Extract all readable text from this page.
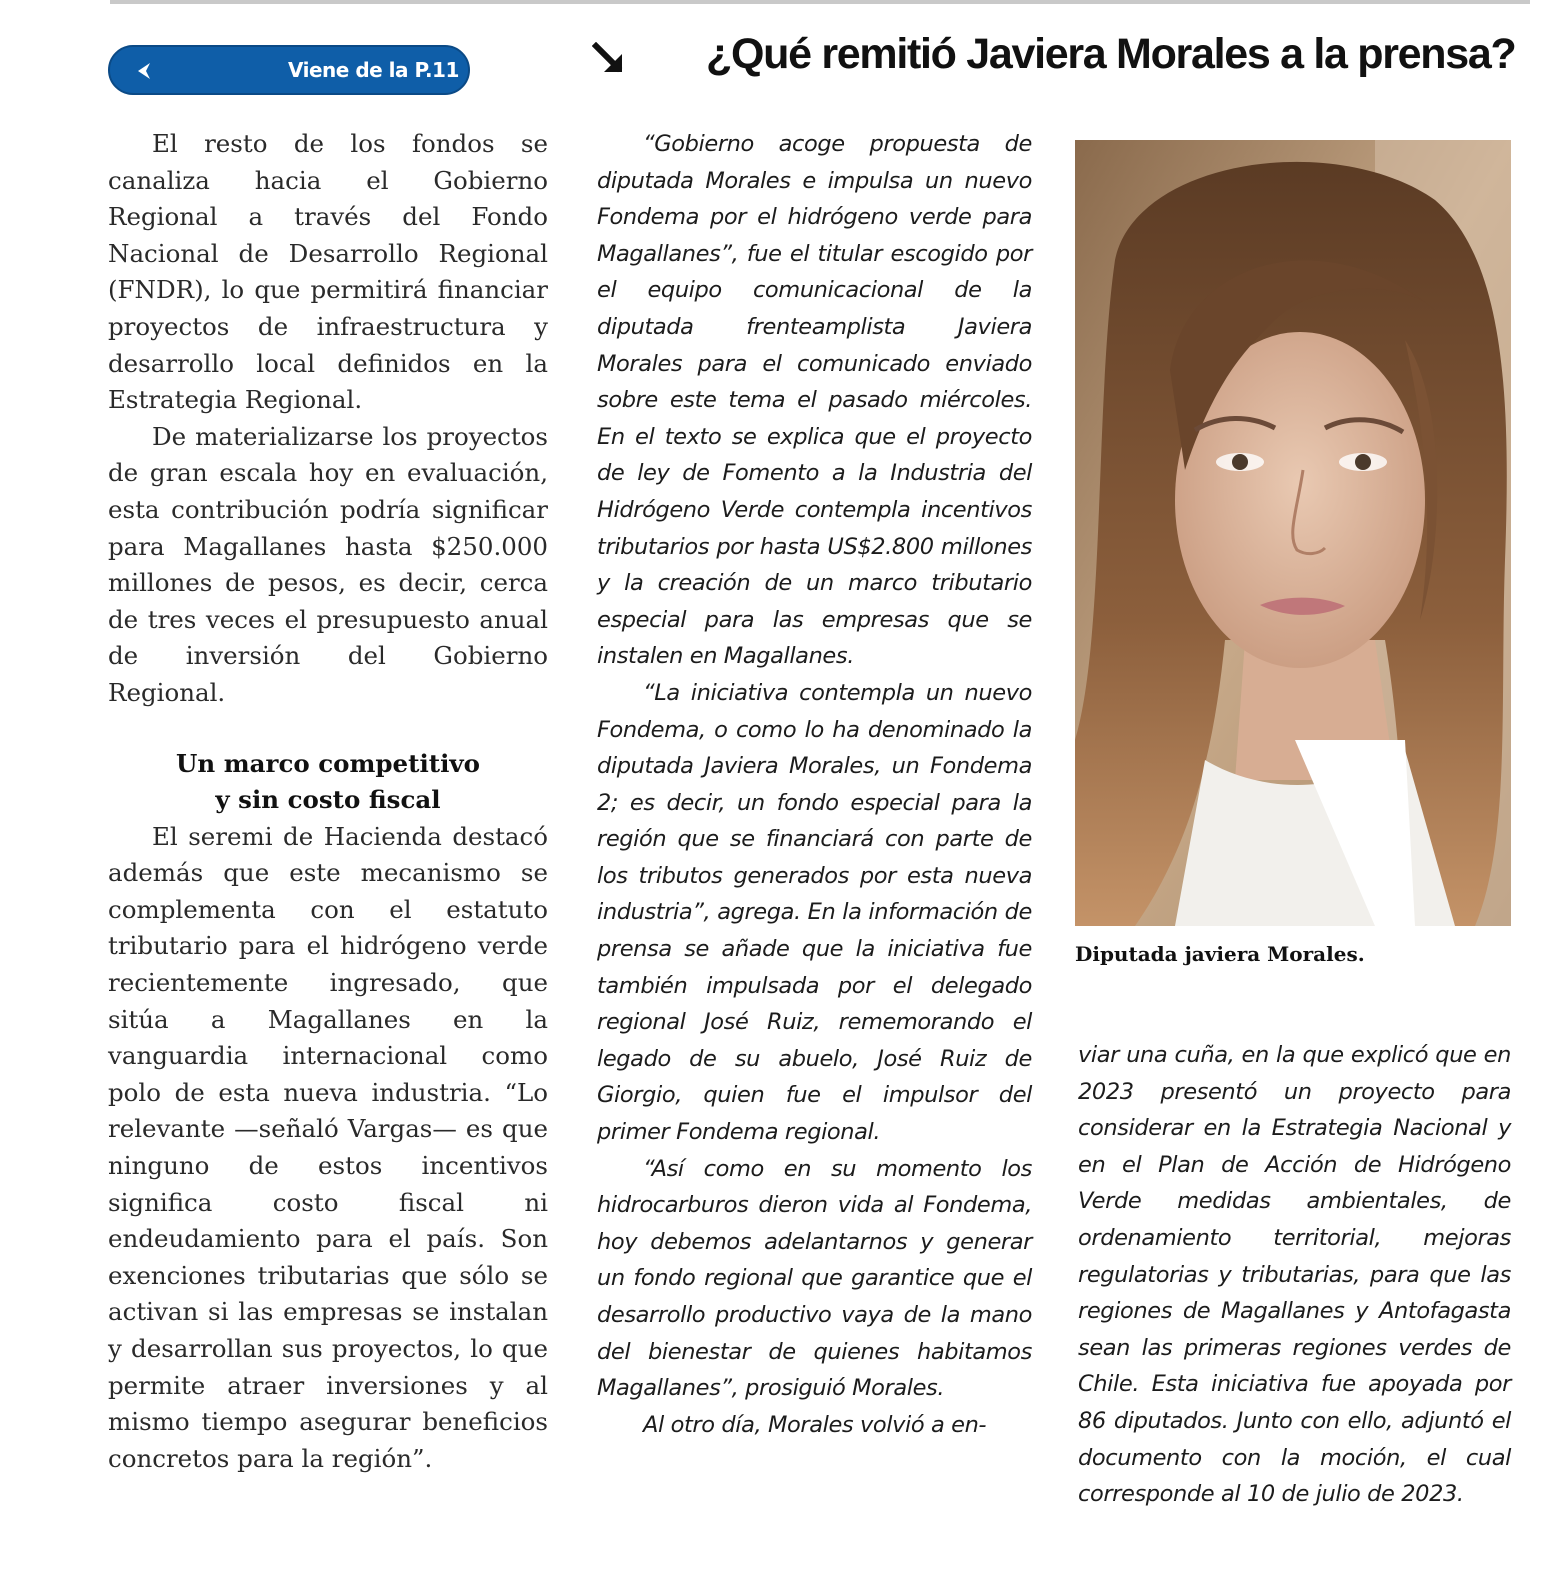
Viene de la P.11	¿Qué remitió Javiera Morales a la prensa?

El resto de los fondos se canaliza hacia el Gobierno Regional a través del Fondo Nacional de Desarrollo Regional (FNDR), lo que permitirá financiar proyectos de infraestructura y desarrollo local definidos en la Estrategia Regional.

De materializarse los proyectos de gran escala hoy en evaluación, esta contribución podría significar para Magallanes hasta $250.000 millones de pesos, es decir, cerca de tres veces el presupuesto anual de inversión del Gobierno Regional.

Un marco competitivo
y sin costo fiscal

El seremi de Hacienda destacó además que este mecanismo se complementa con el estatuto tributario para el hidrógeno verde recientemente ingresado, que sitúa a Magallanes en la vanguardia internacional como polo de esta nueva industria. “Lo relevante —señaló Vargas— es que ninguno de estos incentivos significa costo fiscal ni endeudamiento para el país. Son exenciones tributarias que sólo se activan si las empresas se instalan y desarrollan sus proyectos, lo que permite atraer inversiones y al mismo tiempo asegurar beneficios concretos para la región”.

“Gobierno acoge propuesta de diputada Morales e impulsa un nuevo Fondema por el hidrógeno verde para Magallanes”, fue el titular escogido por el equipo comunicacional de la diputada frenteamplista Javiera Morales para el comunicado enviado sobre este tema el pasado miércoles. En el texto se explica que el proyecto de ley de Fomento a la Industria del Hidrógeno Verde contempla incentivos tributarios por hasta US$2.800 millones y la creación de un marco tributario especial para las empresas que se instalen en Magallanes.

“La iniciativa contempla un nuevo Fondema, o como lo ha denominado la diputada Javiera Morales, un Fondema 2; es decir, un fondo especial para la región que se financiará con parte de los tributos generados por esta nueva industria”, agrega. En la información de prensa se añade que la iniciativa fue también impulsada por el delegado regional José Ruiz, rememorando el legado de su abuelo, José Ruiz de Giorgio, quien fue el impulsor del primer Fondema regional.

“Así como en su momento los hidrocarburos dieron vida al Fondema, hoy debemos adelantarnos y generar un fondo regional que garantice que el desarrollo productivo vaya de la mano del bienestar de quienes habitamos Magallanes”, prosiguió Morales.

Al otro día, Morales volvió a en-

Diputada javiera Morales.

viar una cuña, en la que explicó que en 2023 presentó un proyecto para considerar en la Estrategia Nacional y en el Plan de Acción de Hidrógeno Verde medidas ambientales, de ordenamiento territorial, mejoras regulatorias y tributarias, para que las regiones de Magallanes y Antofagasta sean las primeras regiones verdes de Chile. Esta iniciativa fue apoyada por 86 diputados. Junto con ello, adjuntó el documento con la moción, el cual corresponde al 10 de julio de 2023.
